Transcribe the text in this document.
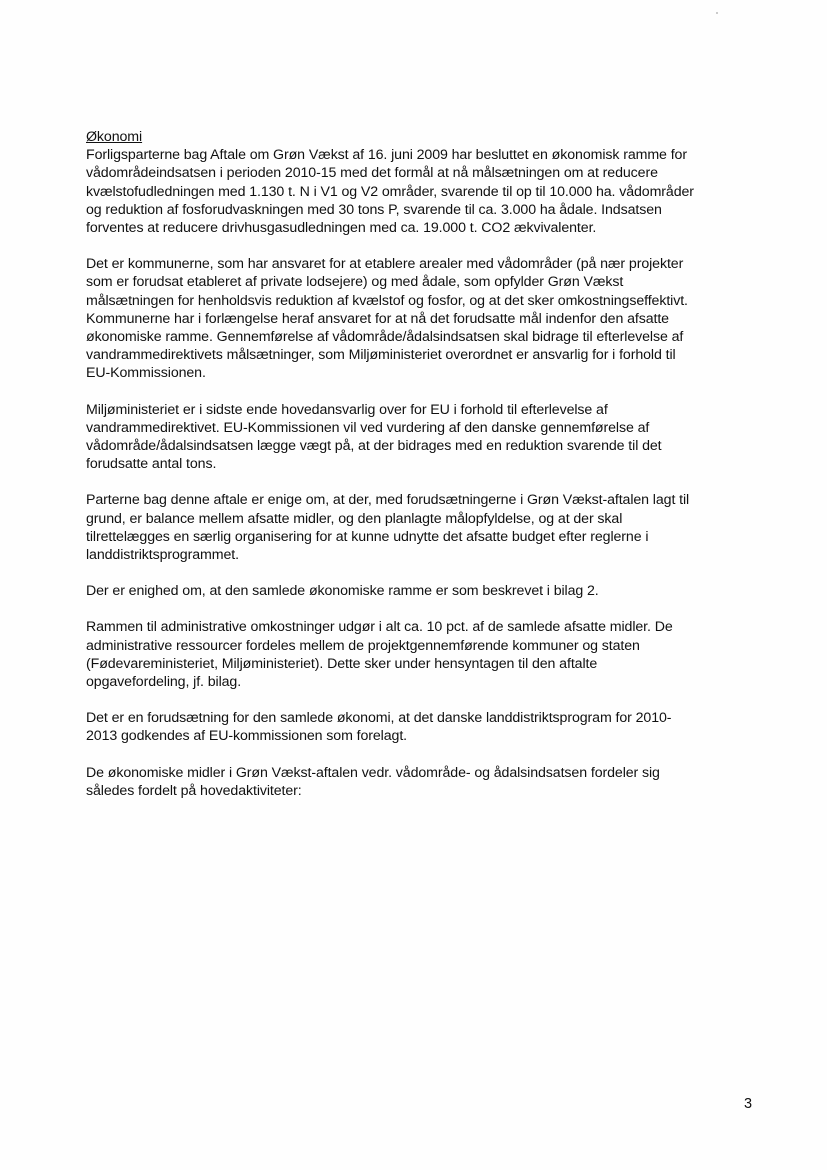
Økonomi

Forligsparterne bag Aftale om Grøn Vækst af 16. juni 2009 har besluttet en økonomisk ramme for
vådområdeindsatsen i perioden 2010-15 med det formål at nå målsætningen om at reducere
kvælstofudledningen med 1.130 t. N i V1 og V2 områder, svarende til op til 10.000 ha. vådområder
og reduktion af fosforudvaskningen med 30 tons P, svarende til ca. 3.000 ha ådale. Indsatsen
forventes at reducere drivhusgasudledningen med ca. 19.000 t. CO2 ækvivalenter.

Det er kommunerne, som har ansvaret for at etablere arealer med vådområder (på nær projekter
som er forudsat etableret af private lodsejere) og med ådale, som opfylder Grøn Vækst
målsætningen for henholdsvis reduktion af kvælstof og fosfor, og at det sker omkostningseffektivt.
Kommunerne har i forlængelse heraf ansvaret for at nå det forudsatte mål indenfor den afsatte
økonomiske ramme. Gennemførelse af vådområde/ådalsindsatsen skal bidrage til efterlevelse af
vandrammedirektivets målsætninger, som Miljøministeriet overordnet er ansvarlig for i forhold til
EU-Kommissionen.

Miljøministeriet er i sidste ende hovedansvarlig over for EU i forhold til efterlevelse af
vandrammedirektivet. EU-Kommissionen vil ved vurdering af den danske gennemførelse af
vådområde/ådalsindsatsen lægge vægt på, at der bidrages med en reduktion svarende til det
forudsatte antal tons.

Parterne bag denne aftale er enige om, at der, med forudsætningerne i Grøn Vækst-aftalen lagt til
grund, er balance mellem afsatte midler, og den planlagte målopfyldelse, og at der skal
tilrettelægges en særlig organisering for at kunne udnytte det afsatte budget efter reglerne i
landdistriktsprogrammet.

Der er enighed om, at den samlede økonomiske ramme er som beskrevet i bilag 2.

Rammen til administrative omkostninger udgør i alt ca. 10 pct. af de samlede afsatte midler. De
administrative ressourcer fordeles mellem de projektgennemførende kommuner og staten
(Fødevareministeriet, Miljøministeriet). Dette sker under hensyntagen til den aftalte
opgavefordeling, jf. bilag.

Det er en forudsætning for den samlede økonomi, at det danske landdistriktsprogram for 2010-
2013 godkendes af EU-kommissionen som forelagt.

De økonomiske midler i Grøn Vækst-aftalen vedr. vådområde- og ådalsindsatsen fordeler sig
således fordelt på hovedaktiviteter:

3
